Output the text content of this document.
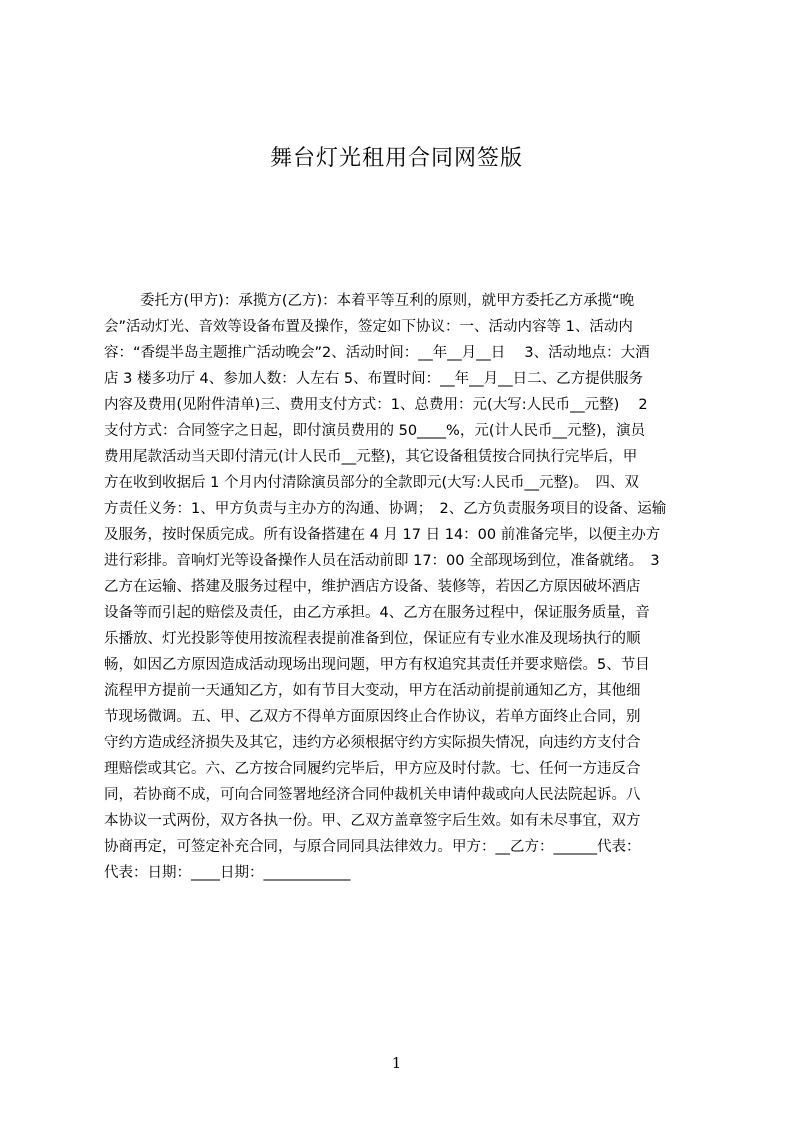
舞台灯光租用合同网签版
委托方(甲方)：承揽方(乙方)：本着平等互利的原则，就甲方委托乙方承揽“晚
会”活动灯光、音效等设备布置及操作，签定如下协议：一、活动内容等 1、活动内
容：“香缇半岛主题推广活动晚会”2、活动时间：__年__月__日　 3、活动地点：大酒
店 3 楼多功厅 4、参加人数：人左右 5、布置时间：__年__月__日二、乙方提供服务
内容及费用(见附件清单)三、费用支付方式：1、总费用：元(大写:人民币__元整)　 2
支付方式：合同签字之日起，即付演员费用的 50____%，元(计人民币__元整)，演员
费用尾款活动当天即付清元(计人民币__元整)，其它设备租赁按合同执行完毕后，甲
方在收到收据后 1 个月内付清除演员部分的全款即元(大写:人民币__元整)。　四、双
方责任义务：1、甲方负责与主办方的沟通、协调；　2、乙方负责服务项目的设备、运输
及服务，按时保质完成。所有设备搭建在 4 月 17 日 14：00 前准备完毕，以便主办方
进行彩排。音响灯光等设备操作人员在活动前即 17：00 全部现场到位，准备就绪。　3
乙方在运输、搭建及服务过程中，维护酒店方设备、装修等，若因乙方原因破坏酒店
设备等而引起的赔偿及责任，由乙方承担。4、乙方在服务过程中，保证服务质量，音
乐播放、灯光投影等使用按流程表提前准备到位，保证应有专业水准及现场执行的顺
畅，如因乙方原因造成活动现场出现问题，甲方有权追究其责任并要求赔偿。5、节目
流程甲方提前一天通知乙方，如有节目大变动，甲方在活动前提前通知乙方，其他细
节现场微调。五、甲、乙双方不得单方面原因终止合作协议，若单方面终止合同，别
守约方造成经济损失及其它，违约方必须根据守约方实际损失情况，向违约方支付合
理赔偿或其它。六、乙方按合同履约完毕后，甲方应及时付款。七、任何一方违反合
同，若协商不成，可向合同签署地经济合同仲裁机关申请仲裁或向人民法院起诉。八
本协议一式两份，双方各执一份。甲、乙双方盖章签字后生效。如有未尽事宜，双方
协商再定，可签定补充合同，与原合同同具法律效力。甲方：__乙方：______代表：
代表：日期：____日期：____________
1
